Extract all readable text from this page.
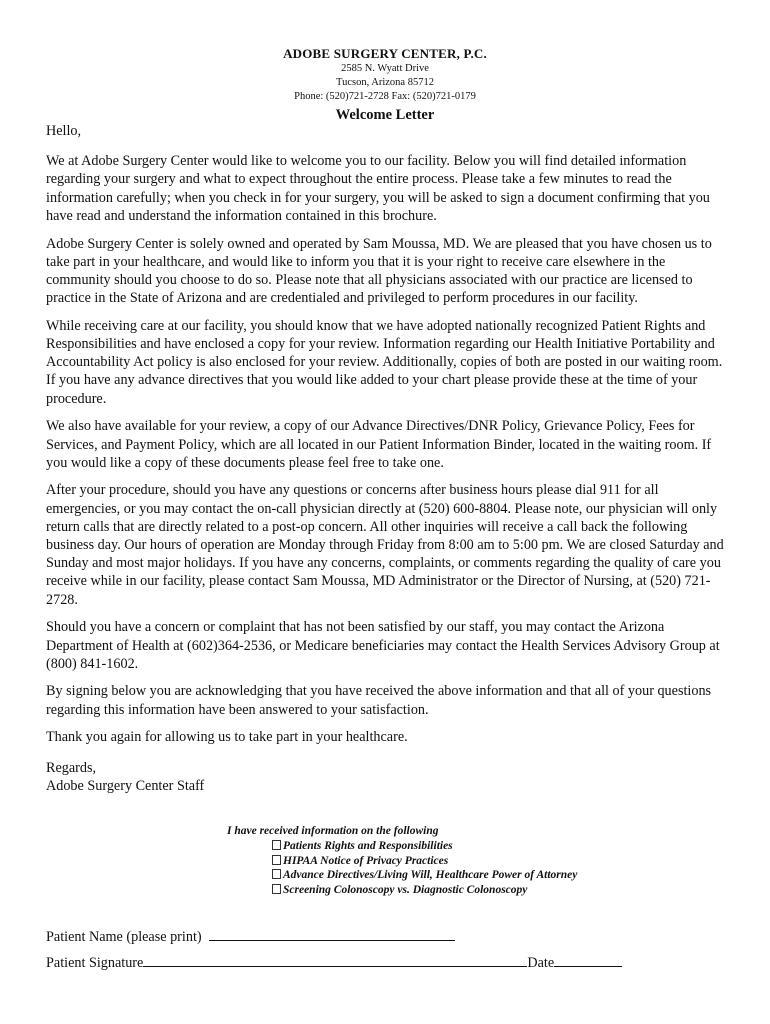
ADOBE SURGERY CENTER, P.C.
2585 N. Wyatt Drive
Tucson, Arizona 85712
Phone: (520)721-2728 Fax: (520)721-0179
Welcome Letter

Hello,

We at Adobe Surgery Center would like to welcome you to our facility. Below you will find detailed information regarding your surgery and what to expect throughout the entire process. Please take a few minutes to read the information carefully; when you check in for your surgery, you will be asked to sign a document confirming that you have read and understand the information contained in this brochure.

Adobe Surgery Center is solely owned and operated by Sam Moussa, MD. We are pleased that you have chosen us to take part in your healthcare, and would like to inform you that it is your right to receive care elsewhere in the community should you choose to do so. Please note that all physicians associated with our practice are licensed to practice in the State of Arizona and are credentialed and privileged to perform procedures in our facility.

While receiving care at our facility, you should know that we have adopted nationally recognized Patient Rights and Responsibilities and have enclosed a copy for your review. Information regarding our Health Initiative Portability and Accountability Act policy is also enclosed for your review. Additionally, copies of both are posted in our waiting room. If you have any advance directives that you would like added to your chart please provide these at the time of your procedure.

We also have available for your review, a copy of our Advance Directives/DNR Policy, Grievance Policy, Fees for Services, and Payment Policy, which are all located in our Patient Information Binder, located in the waiting room. If you would like a copy of these documents please feel free to take one.

After your procedure, should you have any questions or concerns after business hours please dial 911 for all emergencies, or you may contact the on-call physician directly at (520) 600-8804. Please note, our physician will only return calls that are directly related to a post-op concern. All other inquiries will receive a call back the following business day. Our hours of operation are Monday through Friday from 8:00 am to 5:00 pm. We are closed Saturday and Sunday and most major holidays. If you have any concerns, complaints, or comments regarding the quality of care you receive while in our facility, please contact Sam Moussa, MD Administrator or the Director of Nursing, at (520) 721-2728.

Should you have a concern or complaint that has not been satisfied by our staff, you may contact the Arizona Department of Health at (602)364-2536, or Medicare beneficiaries may contact the Health Services Advisory Group at (800) 841-1602.

By signing below you are acknowledging that you have received the above information and that all of your questions regarding this information have been answered to your satisfaction.

Thank you again for allowing us to take part in your healthcare.

Regards,
Adobe Surgery Center Staff
I have received information on the following
Patients Rights and Responsibilities
HIPAA Notice of Privacy Practices
Advance Directives/Living Will, Healthcare Power of Attorney
Screening Colonoscopy vs. Diagnostic Colonoscopy
Patient Name (please print)
Patient Signature	Date
